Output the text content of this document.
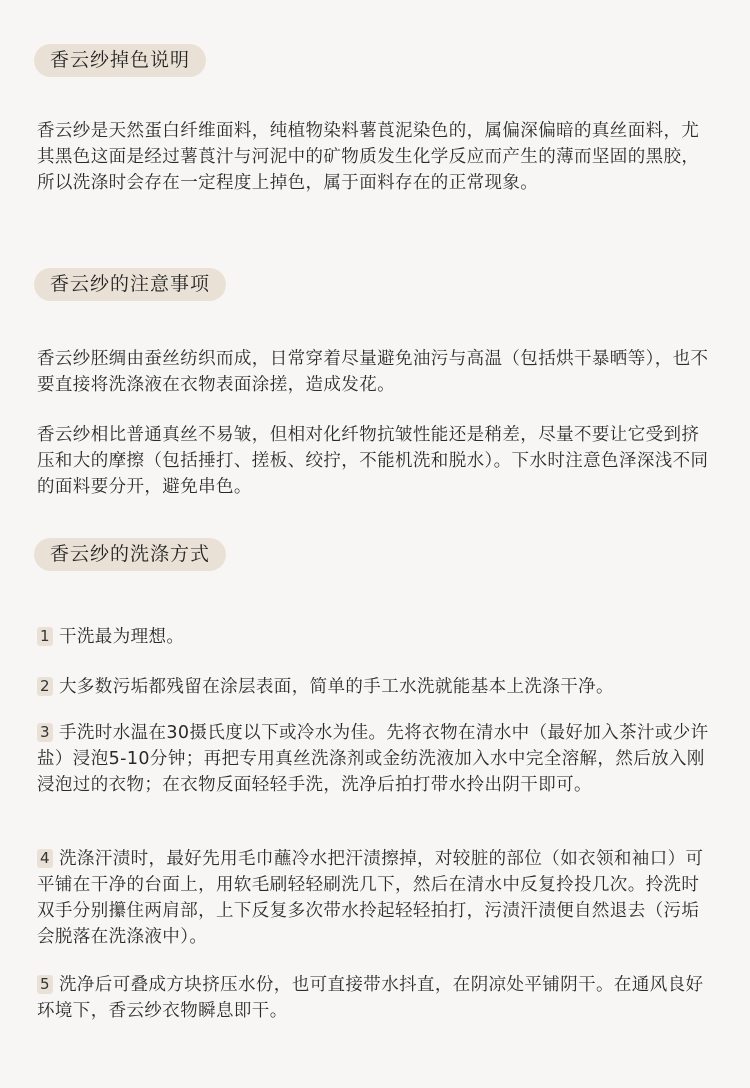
香云纱掉色说明
香云纱是天然蛋白纤维面料，纯植物染料薯莨泥染色的，属偏深偏暗的真丝面料，尤其黑色这面是经过薯莨汁与河泥中的矿物质发生化学反应而产生的薄而坚固的黑胶，所以洗涤时会存在一定程度上掉色，属于面料存在的正常现象。
香云纱的注意事项
香云纱胚绸由蚕丝纺织而成，日常穿着尽量避免油污与高温（包括烘干暴晒等），也不要直接将洗涤液在衣物表面涂搓，造成发花。
香云纱相比普通真丝不易皱，但相对化纤物抗皱性能还是稍差，尽量不要让它受到挤压和大的摩擦（包括捶打、搓板、绞拧，不能机洗和脱水）。下水时注意色泽深浅不同的面料要分开，避免串色。
香云纱的洗涤方式
1 干洗最为理想。
2 大多数污垢都残留在涂层表面，简单的手工水洗就能基本上洗涤干净。
3 手洗时水温在30摄氏度以下或冷水为佳。先将衣物在清水中（最好加入茶汁或少许盐）浸泡5-10分钟；再把专用真丝洗涤剂或金纺洗液加入水中完全溶解，然后放入刚浸泡过的衣物；在衣物反面轻轻手洗，洗净后拍打带水拎出阴干即可。
4 洗涤汗渍时，最好先用毛巾蘸冷水把汗渍擦掉，对较脏的部位（如衣领和袖口）可平铺在干净的台面上，用软毛刷轻轻刷洗几下，然后在清水中反复拎投几次。拎洗时双手分别攥住两肩部，上下反复多次带水拎起轻轻拍打，污渍汗渍便自然退去（污垢会脱落在洗涤液中）。
5 洗净后可叠成方块挤压水份，也可直接带水抖直，在阴凉处平铺阴干。在通风良好环境下，香云纱衣物瞬息即干。
